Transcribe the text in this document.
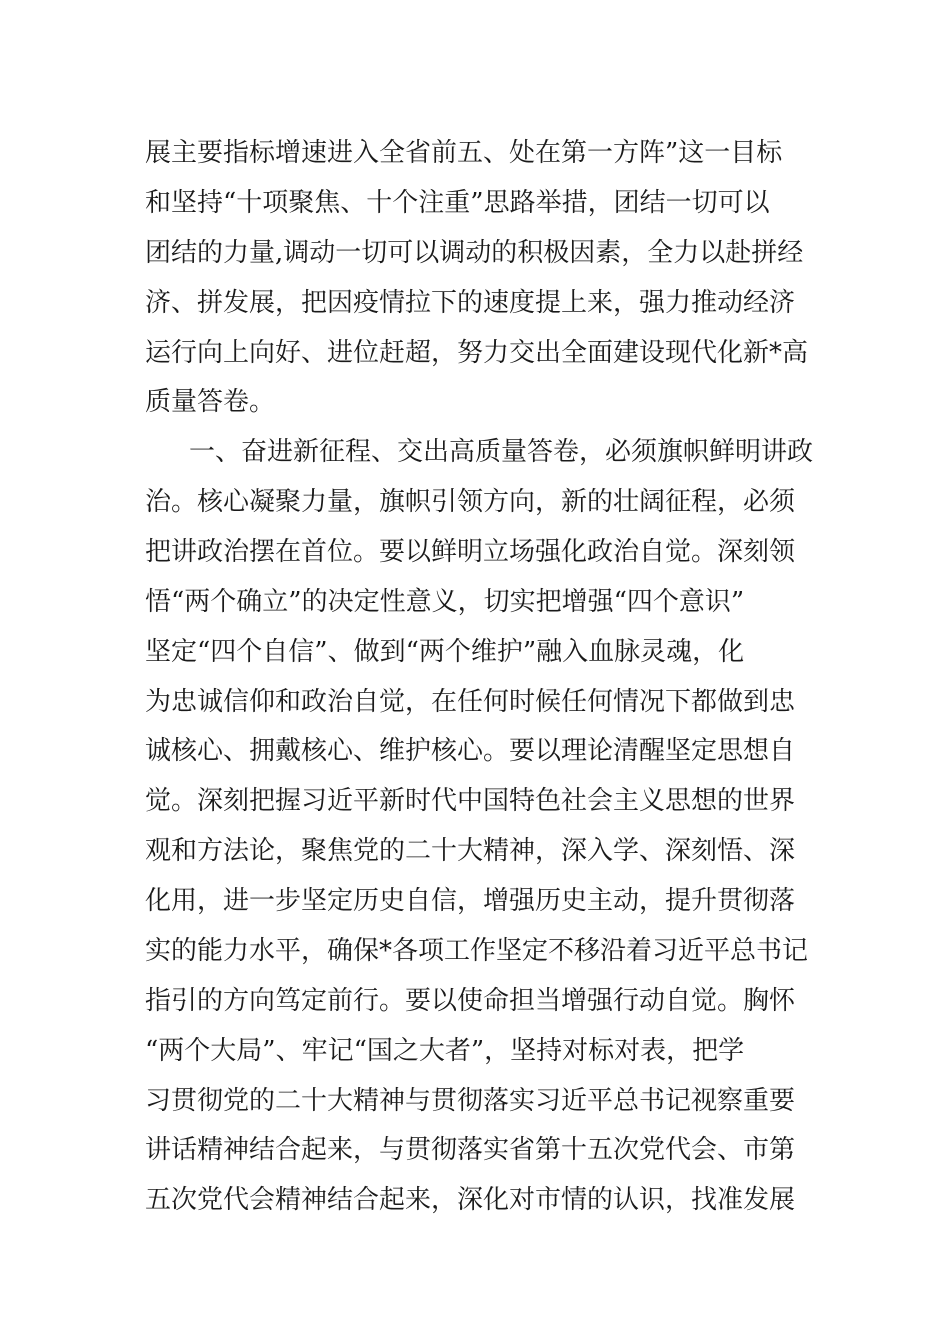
展主要指标增速进入全省前五、处在第一方阵”这一目标
和坚持“十项聚焦、十个注重”思路举措，团结一切可以
团结的力量,调动一切可以调动的积极因素，全力以赴拼经
济、拼发展，把因疫情拉下的速度提上来，强力推动经济
运行向上向好、进位赶超，努力交出全面建设现代化新*高
质量答卷。
一、奋进新征程、交出高质量答卷，必须旗帜鲜明讲政
治。核心凝聚力量，旗帜引领方向，新的壮阔征程，必须
把讲政治摆在首位。要以鲜明立场强化政治自觉。深刻领
悟“两个确立”的决定性意义，切实把增强“四个意识”
坚定“四个自信”、做到“两个维护”融入血脉灵魂，化
为忠诚信仰和政治自觉，在任何时候任何情况下都做到忠
诚核心、拥戴核心、维护核心。要以理论清醒坚定思想自
觉。深刻把握习近平新时代中国特色社会主义思想的世界
观和方法论，聚焦党的二十大精神，深入学、深刻悟、深
化用，进一步坚定历史自信，增强历史主动，提升贯彻落
实的能力水平，确保*各项工作坚定不移沿着习近平总书记
指引的方向笃定前行。要以使命担当增强行动自觉。胸怀
“两个大局”、牢记“国之大者”，坚持对标对表，把学
习贯彻党的二十大精神与贯彻落实习近平总书记视察重要
讲话精神结合起来，与贯彻落实省第十五次党代会、市第
五次党代会精神结合起来，深化对市情的认识，找准发展
